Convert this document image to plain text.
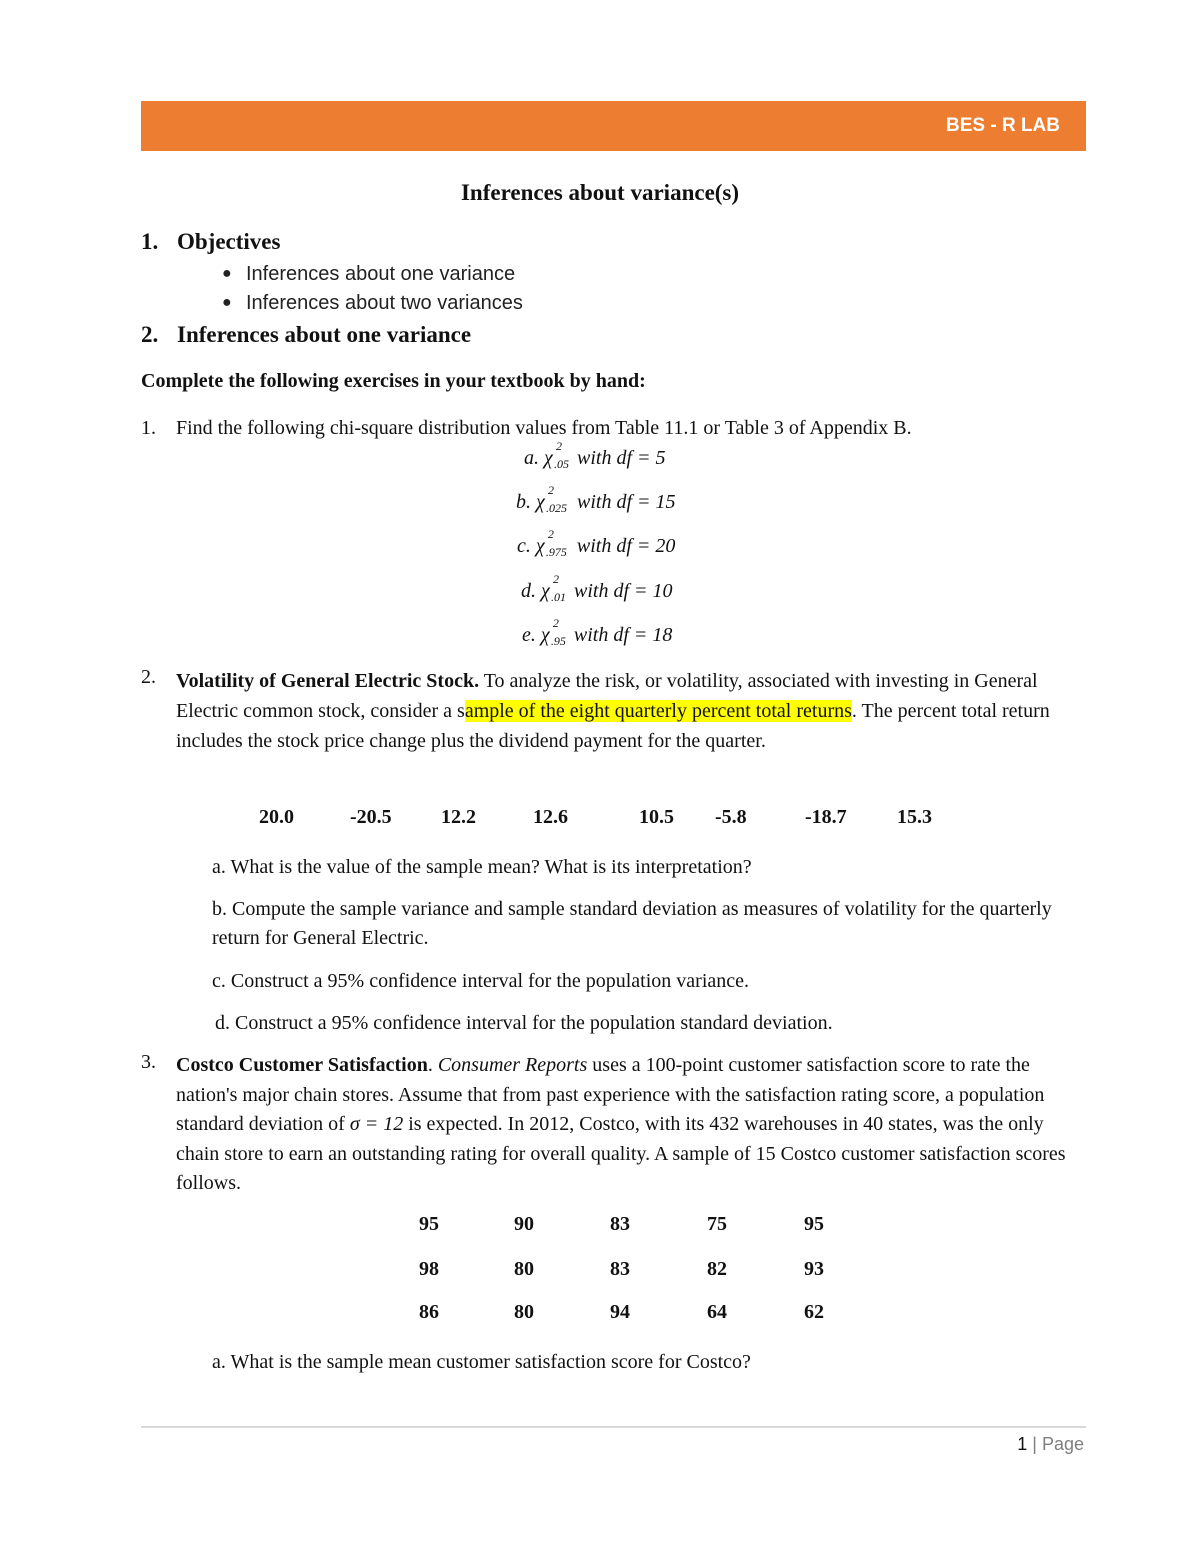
BES - R LAB
Inferences about variance(s)
1. Objectives
● Inferences about one variance
● Inferences about two variances
2. Inferences about one variance
Complete the following exercises in your textbook by hand:
1. Find the following chi-square distribution values from Table 11.1 or Table 3 of Appendix B.
a. χ
2
.05 with df = 5
b. χ
2
.025 with df = 15
c. χ
2
.975 with df = 20
d. χ
2
.01 with df = 10
e. χ
2
.95 with df = 18
2. Volatility of General Electric Stock. To analyze the risk, or volatility, associated with investing in General Electric common stock, consider a sample of the eight quarterly percent total returns. The percent total return includes the stock price change plus the dividend payment for the quarter.
20.0	-20.5 12.2	12.6	10.5 -5.8	-18.7	15.3
a. What is the value of the sample mean? What is its interpretation?
b. Compute the sample variance and sample standard deviation as measures of volatility for the quarterly return for General Electric.
c. Construct a 95% confidence interval for the population variance.
d. Construct a 95% confidence interval for the population standard deviation.
3. Costco Customer Satisfaction. Consumer Reports uses a 100-point customer satisfaction score to rate the nation's major chain stores. Assume that from past experience with the satisfaction rating score, a population standard deviation of σ = 12 is expected. In 2012, Costco, with its 432 warehouses in 40 states, was the only chain store to earn an outstanding rating for overall quality. A sample of 15 Costco customer satisfaction scores follows.
95	90	83	75	95
98	80	83	82	93
86	80	94	64	62
a. What is the sample mean customer satisfaction score for Costco?
1 | Page
